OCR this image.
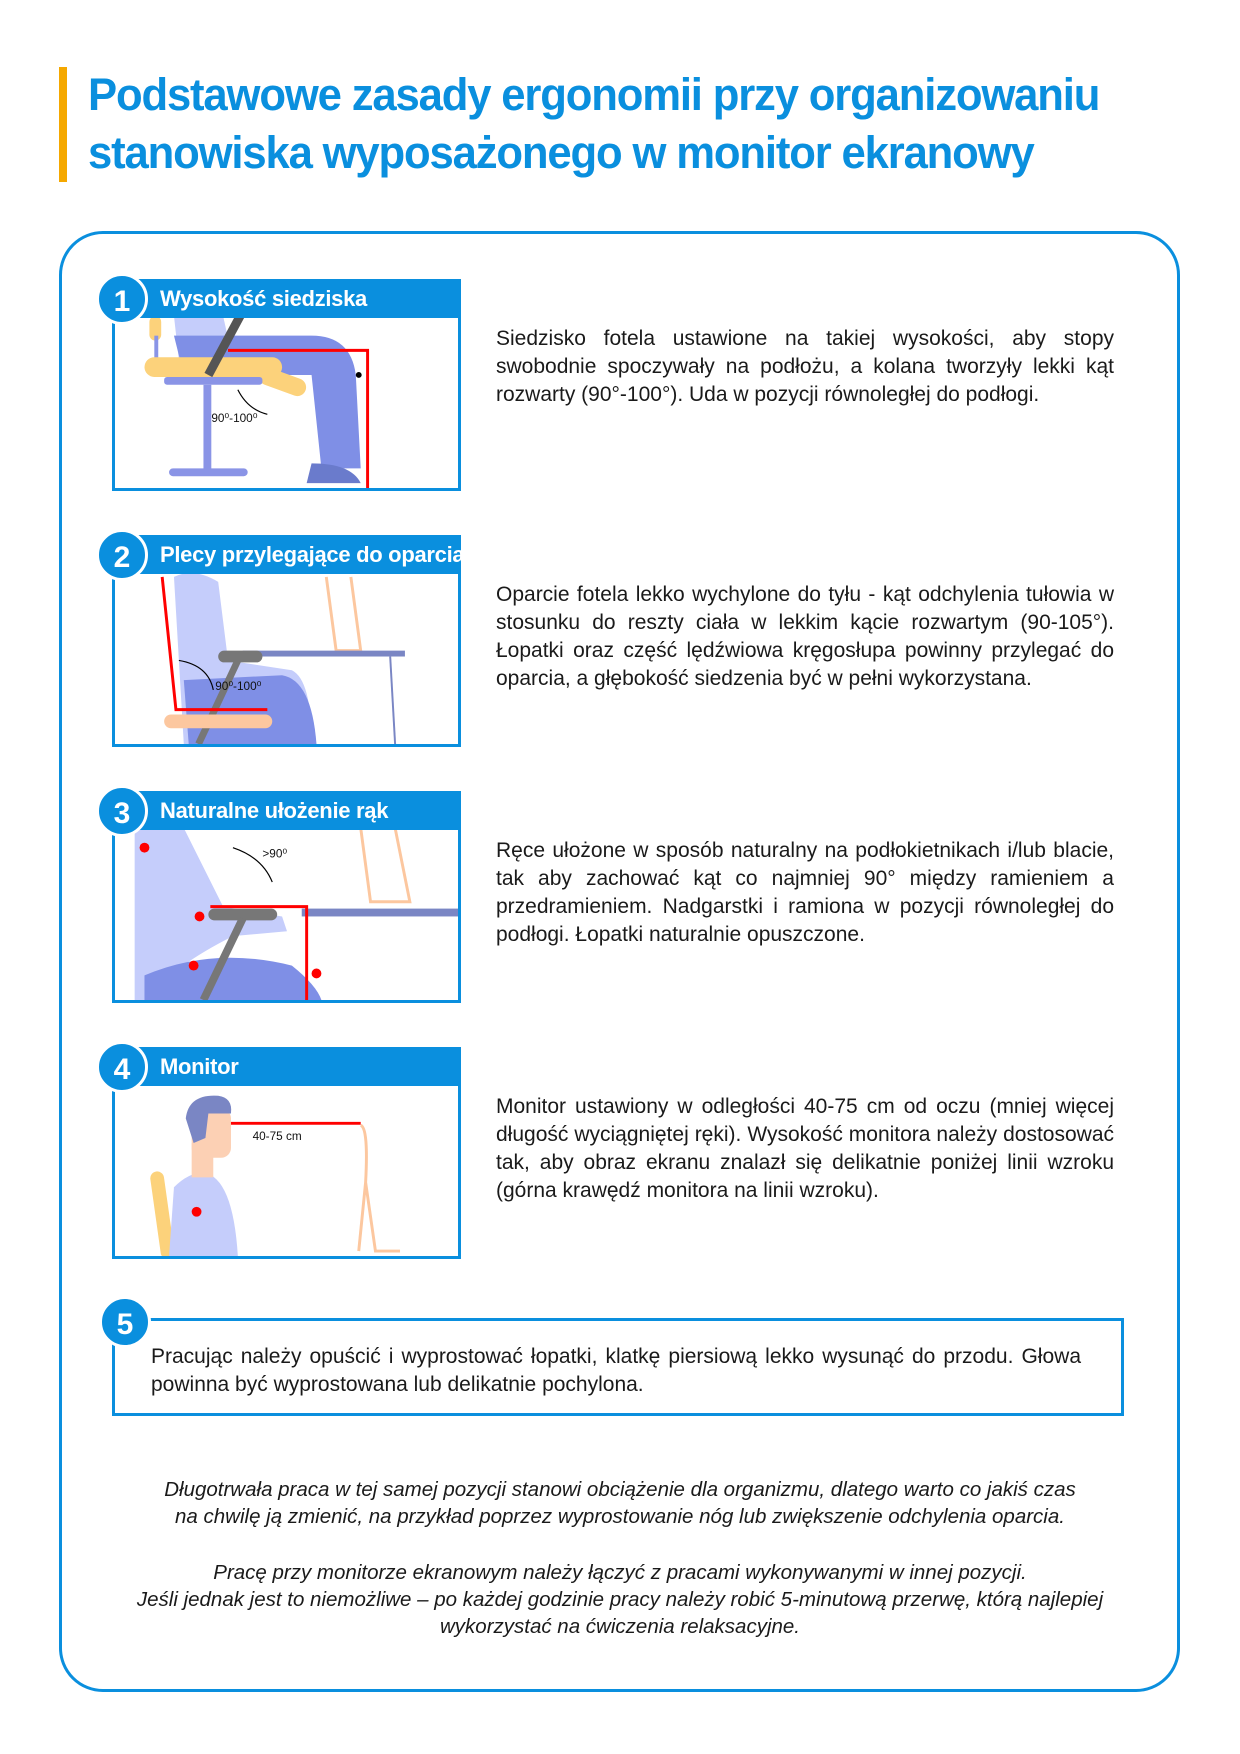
Podstawowe zasady ergonomii przy organizowaniu
stanowiska wyposażonego w monitor ekranowy
90⁰-100⁰
Wysokość siedziska
1

Siedzisko fotela ustawione na takiej wysokości, aby stopy swobodnie spoczywały na podłożu, a kolana tworzyły lekki kąt rozwarty (90°-100°). Uda w pozycji równoległej do podłogi.

90⁰-100⁰
Plecy przylegające do oparcia
2

Oparcie fotela lekko wychylone do tyłu - kąt odchylenia tułowia w stosunku do reszty ciała w lekkim kącie rozwartym (90-105°). Łopatki oraz część lędźwiowa kręgosłupa powinny przylegać do oparcia, a głębokość siedzenia być w pełni wykorzystana.

>90⁰
Naturalne ułożenie rąk
3

Ręce ułożone w sposób naturalny na podłokietnikach i/lub blacie, tak aby zachować kąt co najmniej 90° między ramieniem a przedramieniem. Nadgarstki i ramiona w pozycji równoległej do podłogi. Łopatki naturalnie opuszczone.

40-75 cm
Monitor
4

Monitor ustawiony w odległości 40-75 cm od oczu (mniej więcej długość wyciągniętej ręki). Wysokość monitora należy dostosować tak, aby obraz ekranu znalazł się delikatnie poniżej linii wzroku (górna krawędź monitora na linii wzroku).

5

Pracując należy opuścić i wyprostować łopatki, klatkę piersiową lekko wysunąć do przodu. Głowa powinna być wyprostowana lub delikatnie pochylona.

Długotrwała praca w tej samej pozycji stanowi obciążenie dla organizmu, dlatego warto co jakiś czas
na chwilę ją zmienić, na przykład poprzez wyprostowanie nóg lub zwiększenie odchylenia oparcia.
Pracę przy monitorze ekranowym należy łączyć z pracami wykonywanymi w innej pozycji.
Jeśli jednak jest to niemożliwe – po każdej godzinie pracy należy robić 5-minutową przerwę, którą najlepiej
wykorzystać na ćwiczenia relaksacyjne.
